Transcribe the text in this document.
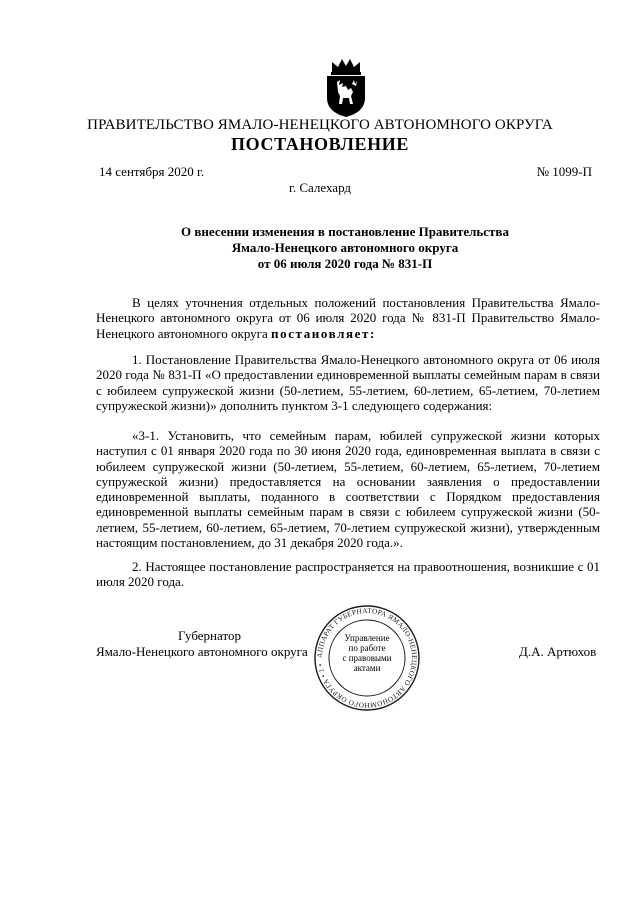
ПРАВИТЕЛЬСТВО ЯМАЛО-НЕНЕЦКОГО АВТОНОМНОГО ОКРУГА
ПОСТАНОВЛЕНИЕ
14 сентября 2020 г.	№ 1099-П
г. Салехард
О внесении изменения в постановление Правительства
Ямало-Ненецкого автономного округа
от 06 июля 2020 года № 831-П

В целях уточнения отдельных положений постановления Правительства Ямало-Ненецкого автономного округа от 06 июля 2020 года № 831-П Правительство Ямало-Ненецкого автономного округа постановляет:

1. Постановление Правительства Ямало-Ненецкого автономного округа от 06 июля 2020 года № 831-П «О предоставлении единовременной выплаты семейным парам в связи с юбилеем супружеской жизни (50-летием, 55-летием, 60-летием, 65-летием, 70-летием супружеской жизни)» дополнить пунктом 3-1 следующего содержания:

«3-1. Установить, что семейным парам, юбилей супружеской жизни которых наступил с 01 января 2020 года по 30 июня 2020 года, единовременная выплата в связи с юбилеем супружеской жизни (50-летием, 55-летием, 60-летием, 65-летием, 70-летием супружеской жизни) предоставляется на основании заявления о предоставлении единовременной выплаты, поданного в соответствии с Порядком предоставления единовременной выплаты семейным парам в связи с юбилеем супружеской жизни (50-летием, 55-летием, 60-летием, 65-летием, 70-летием супружеской жизни), утвержденным настоящим постановлением, до 31 декабря 2020 года.».

2. Настоящее постановление распространяется на правоотношения, возникшие с 01 июля 2020 года.

Губернатор
Ямало-Ненецкого автономного округа	Д.А. Артюхов
АППАРАТ ГУБЕРНАТОРА ЯМАЛО-НЕНЕЦКОГО АВТОНОМНОГО ОКРУГА • 1 •
Управление
по работе
с правовыми
актами
